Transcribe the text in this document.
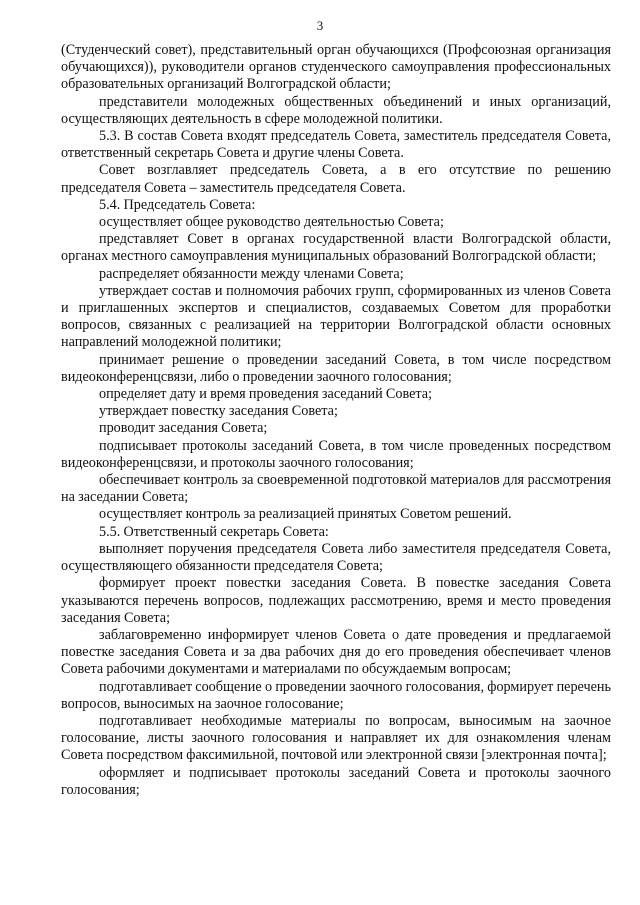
3

(Студенческий совет), представительный орган обучающихся (Профсоюзная организация обучающихся)), руководители органов студенческого самоуправления профессиональных образовательных организаций Волгоградской области;

представители молодежных общественных объединений и иных организаций, осуществляющих деятельность в сфере молодежной политики.

5.3. В состав Совета входят председатель Совета, заместитель председателя Совета, ответственный секретарь Совета и другие члены Совета.

Совет возглавляет председатель Совета, а в его отсутствие по решению председателя Совета – заместитель председателя Совета.

5.4. Председатель Совета:

осуществляет общее руководство деятельностью Совета;

представляет Совет в органах государственной власти Волгоградской области, органах местного самоуправления муниципальных образований Волгоградской области;

распределяет обязанности между членами Совета;

утверждает состав и полномочия рабочих групп, сформированных из членов Совета и приглашенных экспертов и специалистов, создаваемых Советом для проработки вопросов, связанных с реализацией на территории Волгоградской области основных направлений молодежной политики;

принимает решение о проведении заседаний Совета, в том числе посредством видеоконференцсвязи, либо о проведении заочного голосования;

определяет дату и время проведения заседаний Совета;

утверждает повестку заседания Совета;

проводит заседания Совета;

подписывает протоколы заседаний Совета, в том числе проведенных посредством видеоконференцсвязи, и протоколы заочного голосования;

обеспечивает контроль за своевременной подготовкой материалов для рассмотрения на заседании Совета;

осуществляет контроль за реализацией принятых Советом решений.

5.5. Ответственный секретарь Совета:

выполняет поручения председателя Совета либо заместителя председателя Совета, осуществляющего обязанности председателя Совета;

формирует проект повестки заседания Совета. В повестке заседания Совета указываются перечень вопросов, подлежащих рассмотрению, время и место проведения заседания Совета;

заблаговременно информирует членов Совета о дате проведения и предлагаемой повестке заседания Совета и за два рабочих дня до его проведения обеспечивает членов Совета рабочими документами и материалами по обсуждаемым вопросам;

подготавливает сообщение о проведении заочного голосования, формирует перечень вопросов, выносимых на заочное голосование;

подготавливает необходимые материалы по вопросам, выносимым на заочное голосование, листы заочного голосования и направляет их для ознакомления членам Совета посредством факсимильной, почтовой или электронной связи [электронная почта];

оформляет и подписывает протоколы заседаний Совета и протоколы заочного голосования;
